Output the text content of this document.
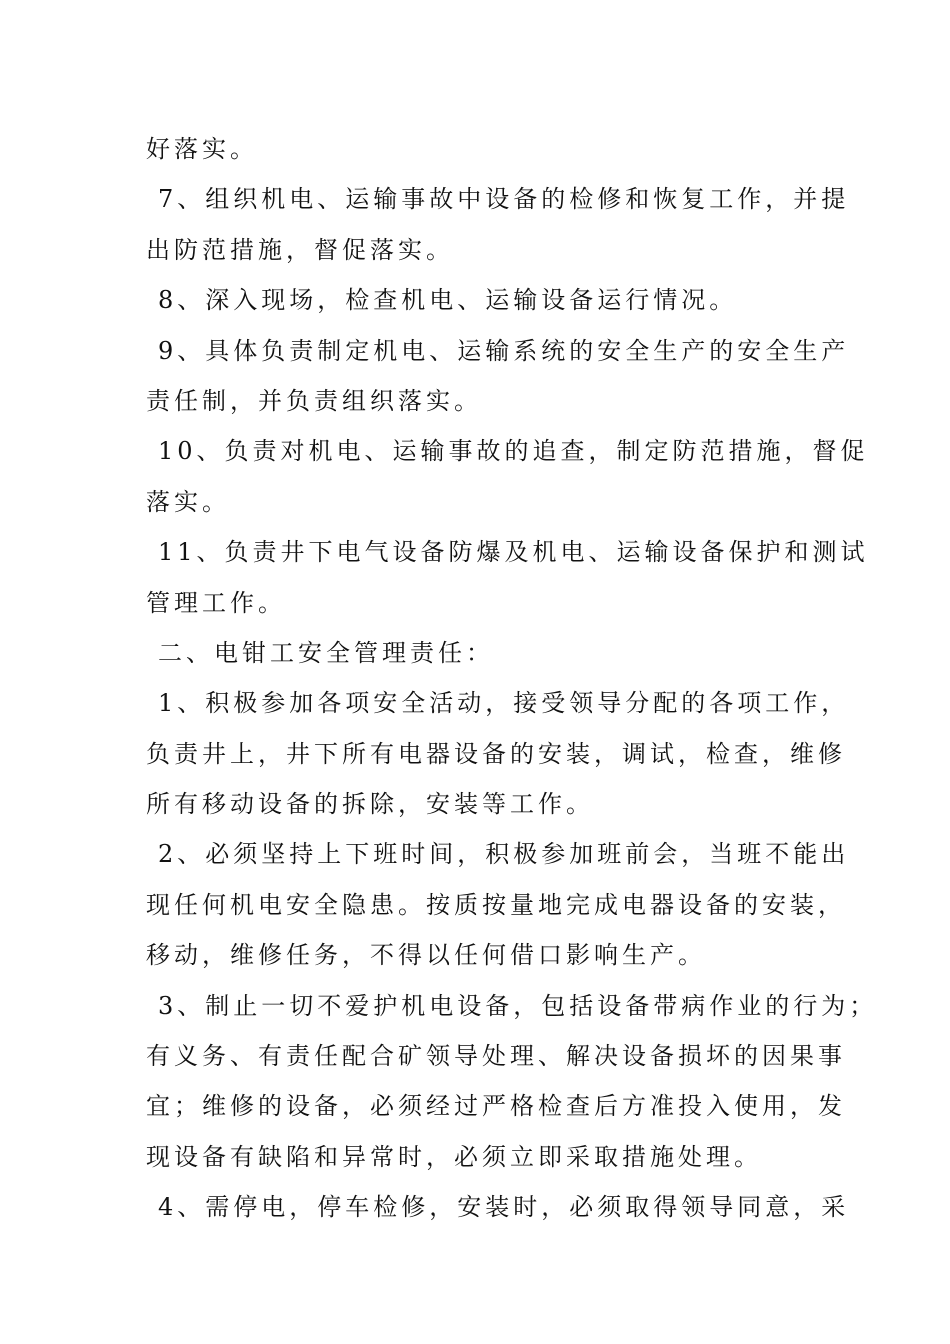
好落实。
7、组织机电、运输事故中设备的检修和恢复工作，并提
出防范措施，督促落实。
8、深入现场，检查机电、运输设备运行情况。
9、具体负责制定机电、运输系统的安全生产的安全生产
责任制，并负责组织落实。
10、负责对机电、运输事故的追查，制定防范措施，督促
落实。
11、负责井下电气设备防爆及机电、运输设备保护和测试
管理工作。
二、电钳工安全管理责任：
1、积极参加各项安全活动，接受领导分配的各项工作，
负责井上，井下所有电器设备的安装，调试，检查，维修
所有移动设备的拆除，安装等工作。
2、必须坚持上下班时间，积极参加班前会，当班不能出
现任何机电安全隐患。按质按量地完成电器设备的安装，
移动，维修任务，不得以任何借口影响生产。
3、制止一切不爱护机电设备，包括设备带病作业的行为；
有义务、有责任配合矿领导处理、解决设备损坏的因果事
宜；维修的设备，必须经过严格检查后方准投入使用，发
现设备有缺陷和异常时，必须立即采取措施处理。
4、需停电，停车检修，安装时，必须取得领导同意，采
